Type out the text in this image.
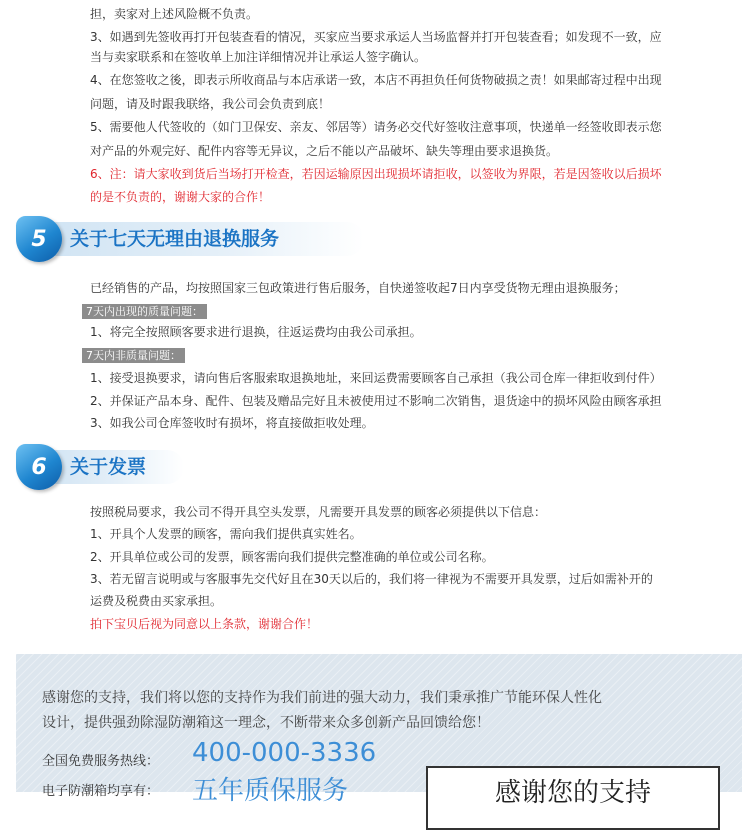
担，卖家对上述风险概不负责。

3、如遇到先签收再打开包装查看的情况，买家应当要求承运人当场监督并打开包装查看；如发现不一致，应

当与卖家联系和在签收单上加注详细情况并让承运人签字确认。

4、在您签收之後，即表示所收商品与本店承诺一致，本店不再担负任何货物破损之责！如果邮寄过程中出现

问题，请及时跟我联络，我公司会负责到底！

5、需要他人代签收的（如门卫保安、亲友、邻居等）请务必交代好签收注意事项，快递单一经签收即表示您

对产品的外观完好、配件内容等无异议，之后不能以产品破坏、缺失等理由要求退换货。

6、注：请大家收到货后当场打开检查，若因运输原因出现损坏请拒收，以签收为界限，若是因签收以后损坏

的是不负责的，谢谢大家的合作！

5	关于七天无理由退换服务

已经销售的产品，均按照国家三包政策进行售后服务，自快递签收起7日内享受货物无理由退换服务；

7天内出现的质量问题：

1、将完全按照顾客要求进行退换，往返运费均由我公司承担。

7天内非质量问题：

1、接受退换要求，请向售后客服索取退换地址，来回运费需要顾客自己承担（我公司仓库一律拒收到付件）

2、并保证产品本身、配件、包装及赠品完好且未被使用过不影响二次销售，退货途中的损坏风险由顾客承担

3、如我公司仓库签收时有损坏，将直接做拒收处理。

6	关于发票

按照税局要求，我公司不得开具空头发票，凡需要开具发票的顾客必须提供以下信息：

1、开具个人发票的顾客，需向我们提供真实姓名。

2、开具单位或公司的发票，顾客需向我们提供完整准确的单位或公司名称。

3、若无留言说明或与客服事先交代好且在30天以后的，我们将一律视为不需要开具发票，过后如需补开的

运费及税费由买家承担。

拍下宝贝后视为同意以上条款，谢谢合作！

感谢您的支持，我们将以您的支持作为我们前进的强大动力，我们秉承推广节能环保人性化
设计，提供强劲除湿防潮箱这一理念，不断带来众多创新产品回馈给您！
全国免费服务热线： 400-000-3336
电子防潮箱均享有： 五年质保服务	感谢您的支持
